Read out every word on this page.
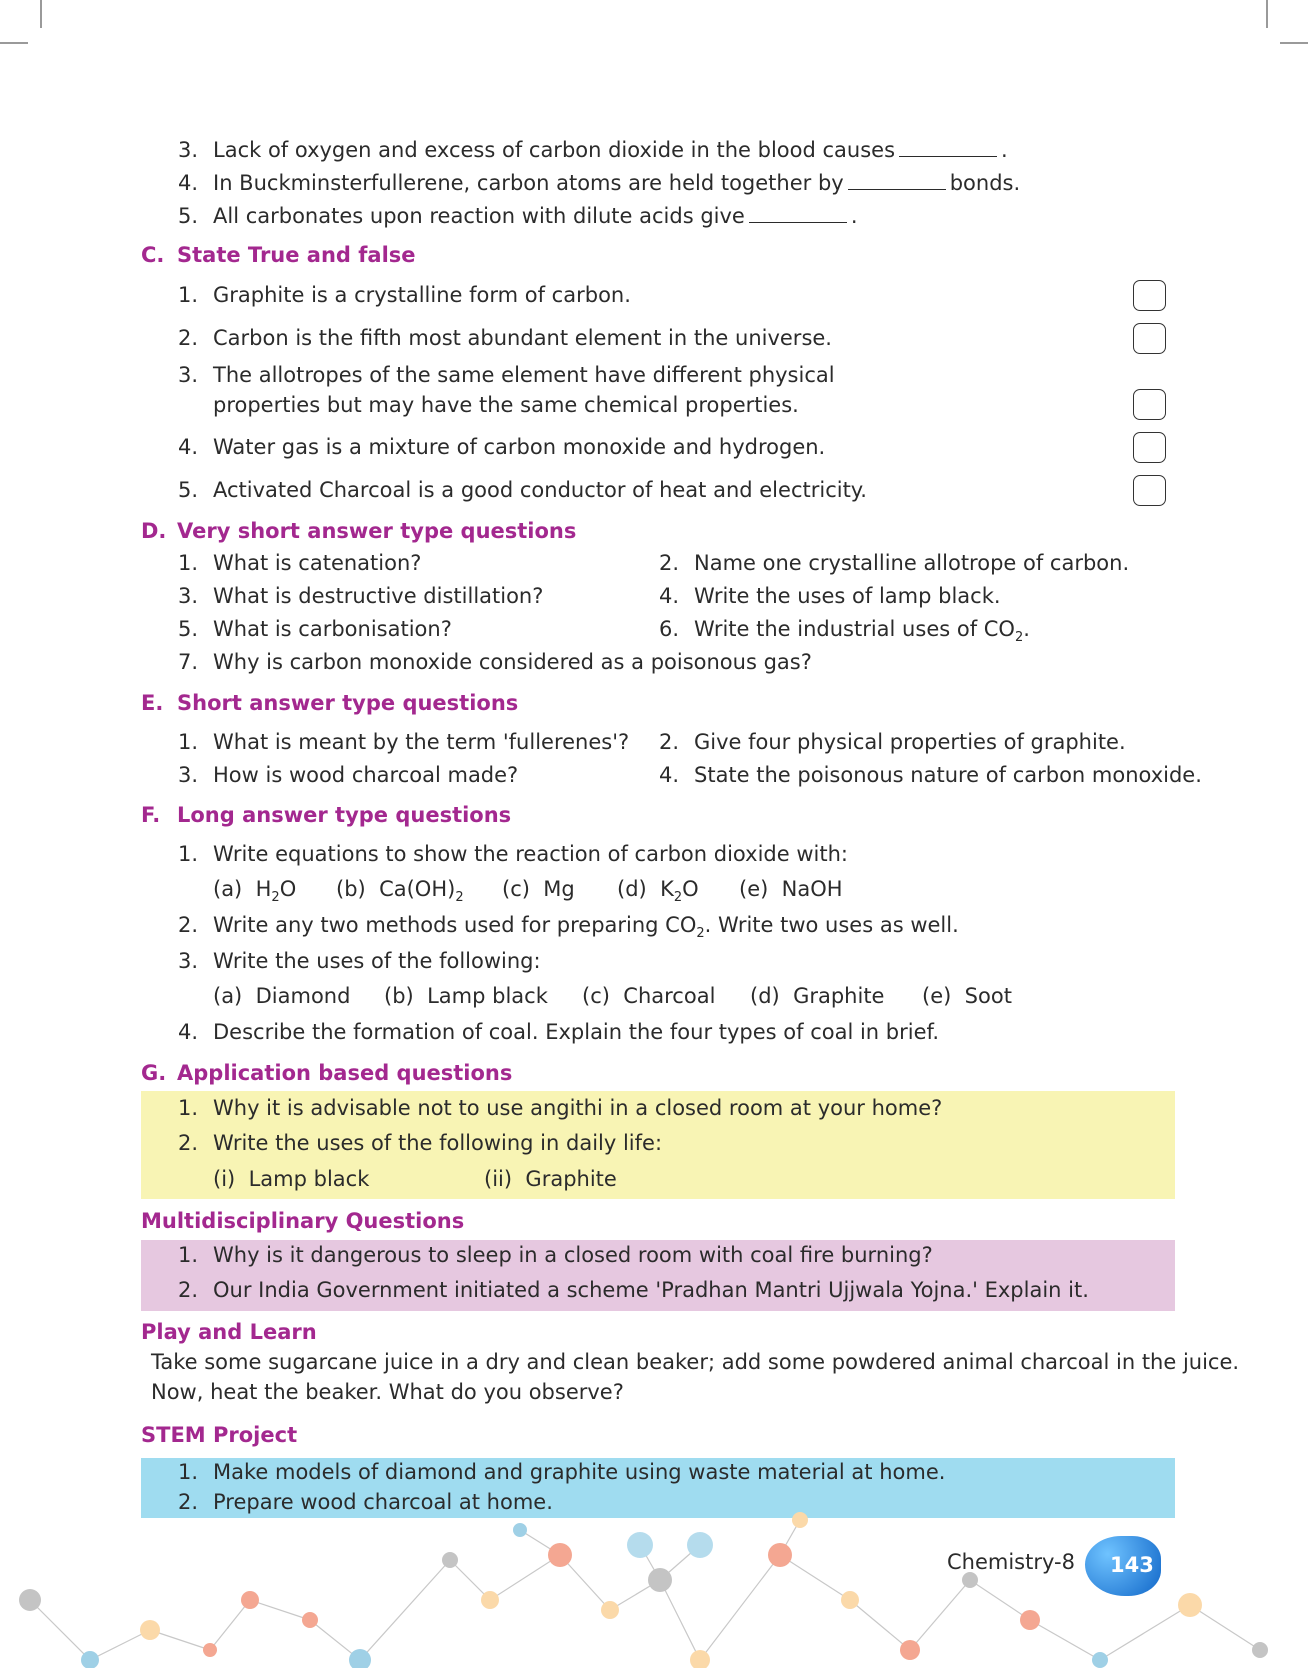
3. Lack of oxygen and excess of carbon dioxide in the blood causes	.
4. In Buckminsterfullerene, carbon atoms are held together by	bonds.
5. All carbonates upon reaction with dilute acids give	.
C. State True and false
1. Graphite is a crystalline form of carbon.
2. Carbon is the fifth most abundant element in the universe.
3. The allotropes of the same element have different physical
properties but may have the same chemical properties.
4. Water gas is a mixture of carbon monoxide and hydrogen.
5. Activated Charcoal is a good conductor of heat and electricity.
D. Very short answer type questions
1. What is catenation?	2. Name one crystalline allotrope of carbon.
3. What is destructive distillation?	4. Write the uses of lamp black.
5. What is carbonisation?	6. Write the industrial uses of $CO_2$.
7. Why is carbon monoxide considered as a poisonous gas?
E. Short answer type questions
1. What is meant by the term 'fullerenes'? 2. Give four physical properties of graphite.
3. How is wood charcoal made?	4. State the poisonous nature of carbon monoxide.
F. Long answer type questions
1. Write equations to show the reaction of carbon dioxide with:
(a) $H_2O$ (b) $Ca(OH)_2$ (c) Mg (d) $K_2O$ (e) NaOH
2. Write any two methods used for preparing $CO_2$. Write two uses as well.
3. Write the uses of the following:
(a) Diamond (b) Lamp black (c) Charcoal (d) Graphite (e) Soot
4. Describe the formation of coal. Explain the four types of coal in brief.
G. Application based questions
1. Why it is advisable not to use angithi in a closed room at your home?
2. Write the uses of the following in daily life:
(i) Lamp black	(ii) Graphite
Multidisciplinary Questions
1. Why is it dangerous to sleep in a closed room with coal fire burning?
2. Our India Government initiated a scheme 'Pradhan Mantri Ujjwala Yojna.' Explain it.
Play and Learn
Take some sugarcane juice in a dry and clean beaker; add some powdered animal charcoal in the juice.
Now, heat the beaker. What do you observe?
STEM Project
1. Make models of diamond and graphite using waste material at home.
2. Prepare wood charcoal at home.
Chemistry-8 143
